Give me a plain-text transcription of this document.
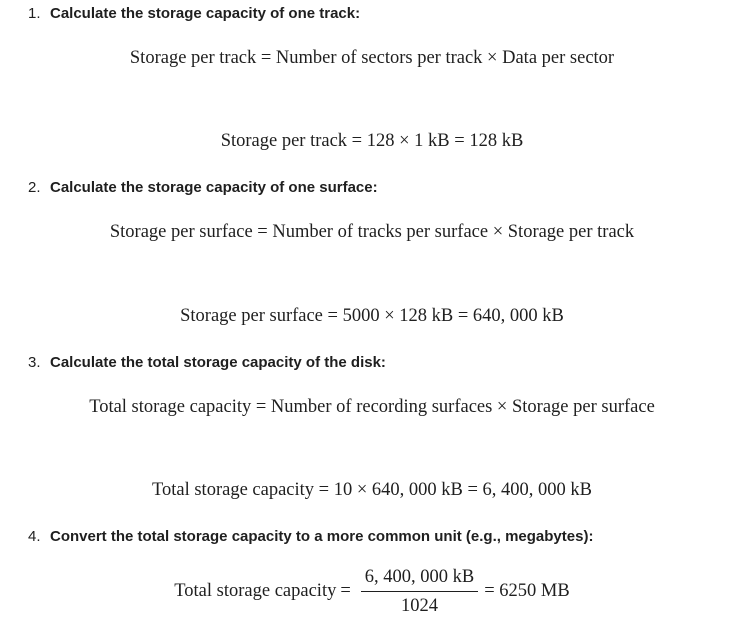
1. Calculate the storage capacity of one track:
Storage per track = Number of sectors per track × Data per sector
Storage per track = 128 × 1 kB = 128 kB
2. Calculate the storage capacity of one surface:
Storage per surface = Number of tracks per surface × Storage per track
Storage per surface = 5000 × 128 kB = 640, 000 kB
3. Calculate the total storage capacity of the disk:
Total storage capacity = Number of recording surfaces × Storage per surface
Total storage capacity = 10 × 640, 000 kB = 6, 400, 000 kB
4. Convert the total storage capacity to a more common unit (e.g., megabytes):
Total storage capacity = $\frac{6, 400, 000 kB}{1024} = 6250$ MB
